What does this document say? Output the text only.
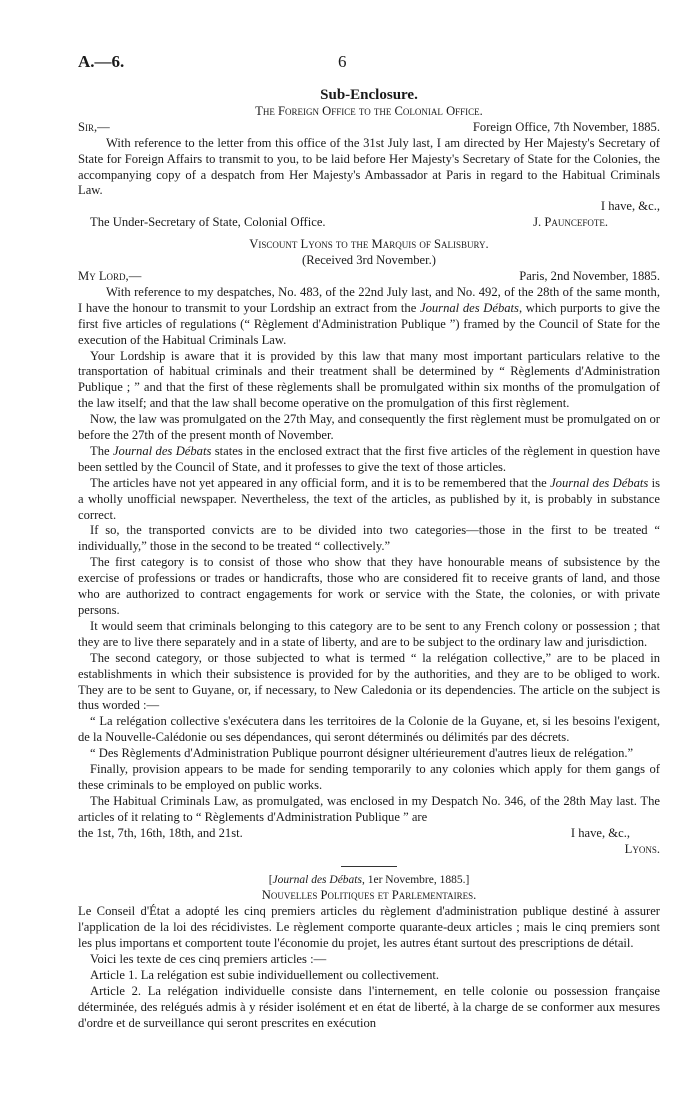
A.—6.	6
Sub-Enclosure.

The Foreign Office to the Colonial Office.

Sir,—	Foreign Office, 7th November, 1885.

With reference to the letter from this office of the 31st July last, I am directed by Her Majesty's Secretary of State for Foreign Affairs to transmit to you, to be laid before Her Majesty's Secretary of State for the Colonies, the accompanying copy of a despatch from Her Majesty's Ambassador at Paris in regard to the Habitual Criminals Law.

I have, &c.,

The Under-Secretary of State, Colonial Office.	J. Pauncefote.

Viscount Lyons to the Marquis of Salisbury.

(Received 3rd November.)

My Lord,—	Paris, 2nd November, 1885.

With reference to my despatches, No. 483, of the 22nd July last, and No. 492, of the 28th of the same month, I have the honour to transmit to your Lordship an extract from the Journal des Débats, which purports to give the first five articles of regulations (“ Règlement d'Administration Publique ”) framed by the Council of State for the execution of the Habitual Criminals Law.

Your Lordship is aware that it is provided by this law that many most important particulars relative to the transportation of habitual criminals and their treatment shall be determined by “ Règlements d'Administration Publique ; ” and that the first of these règlements shall be promulgated within six months of the promulgation of the law itself; and that the law shall become operative on the promulgation of this first règlement.

Now, the law was promulgated on the 27th May, and consequently the first règlement must be promulgated on or before the 27th of the present month of November.

The Journal des Débats states in the enclosed extract that the first five articles of the règlement in question have been settled by the Council of State, and it professes to give the text of those articles.

The articles have not yet appeared in any official form, and it is to be remembered that the Journal des Débats is a wholly unofficial newspaper. Nevertheless, the text of the articles, as published by it, is probably in substance correct.

If so, the transported convicts are to be divided into two categories—those in the first to be treated “ individually,” those in the second to be treated “ collectively.”

The first category is to consist of those who show that they have honourable means of subsistence by the exercise of professions or trades or handicrafts, those who are considered fit to receive grants of land, and those who are authorized to contract engagements for work or service with the State, the colonies, or with private persons.

It would seem that criminals belonging to this category are to be sent to any French colony or possession ; that they are to live there separately and in a state of liberty, and are to be subject to the ordinary law and jurisdiction.

The second category, or those subjected to what is termed “ la relégation collective,” are to be placed in establishments in which their subsistence is provided for by the authorities, and they are to be obliged to work. They are to be sent to Guyane, or, if necessary, to New Caledonia or its dependencies. The article on the subject is thus worded :—

“ La relégation collective s'exécutera dans les territoires de la Colonie de la Guyane, et, si les besoins l'exigent, de la Nouvelle-Calédonie ou ses dépendances, qui seront déterminés ou délimités par des décrets.

“ Des Règlements d'Administration Publique pourront désigner ultérieurement d'autres lieux de relégation.”

Finally, provision appears to be made for sending temporarily to any colonies which apply for them gangs of these criminals to be employed on public works.

The Habitual Criminals Law, as promulgated, was enclosed in my Despatch No. 346, of the 28th May last. The articles of it relating to “ Règlements d'Administration Publique ” are

the 1st, 7th, 16th, 18th, and 21st.	I have, &c.,

Lyons.

[Journal des Débats, 1er Novembre, 1885.]

Nouvelles Politiques et Parlementaires.

Le Conseil d'État a adopté les cinq premiers articles du règlement d'administration publique destiné à assurer l'application de la loi des récidivistes. Le règlement comporte quarante-deux articles ; mais le cinq premiers sont les plus importans et comportent toute l'économie du projet, les autres étant surtout des prescriptions de détail.

Voici les texte de ces cinq premiers articles :—

Article 1. La relégation est subie individuellement ou collectivement.

Article 2. La relégation individuelle consiste dans l'internement, en telle colonie ou possession française déterminée, des relégués admis à y résider isolément et en état de liberté, à la charge de se conformer aux mesures d'ordre et de surveillance qui seront prescrites en exécution
